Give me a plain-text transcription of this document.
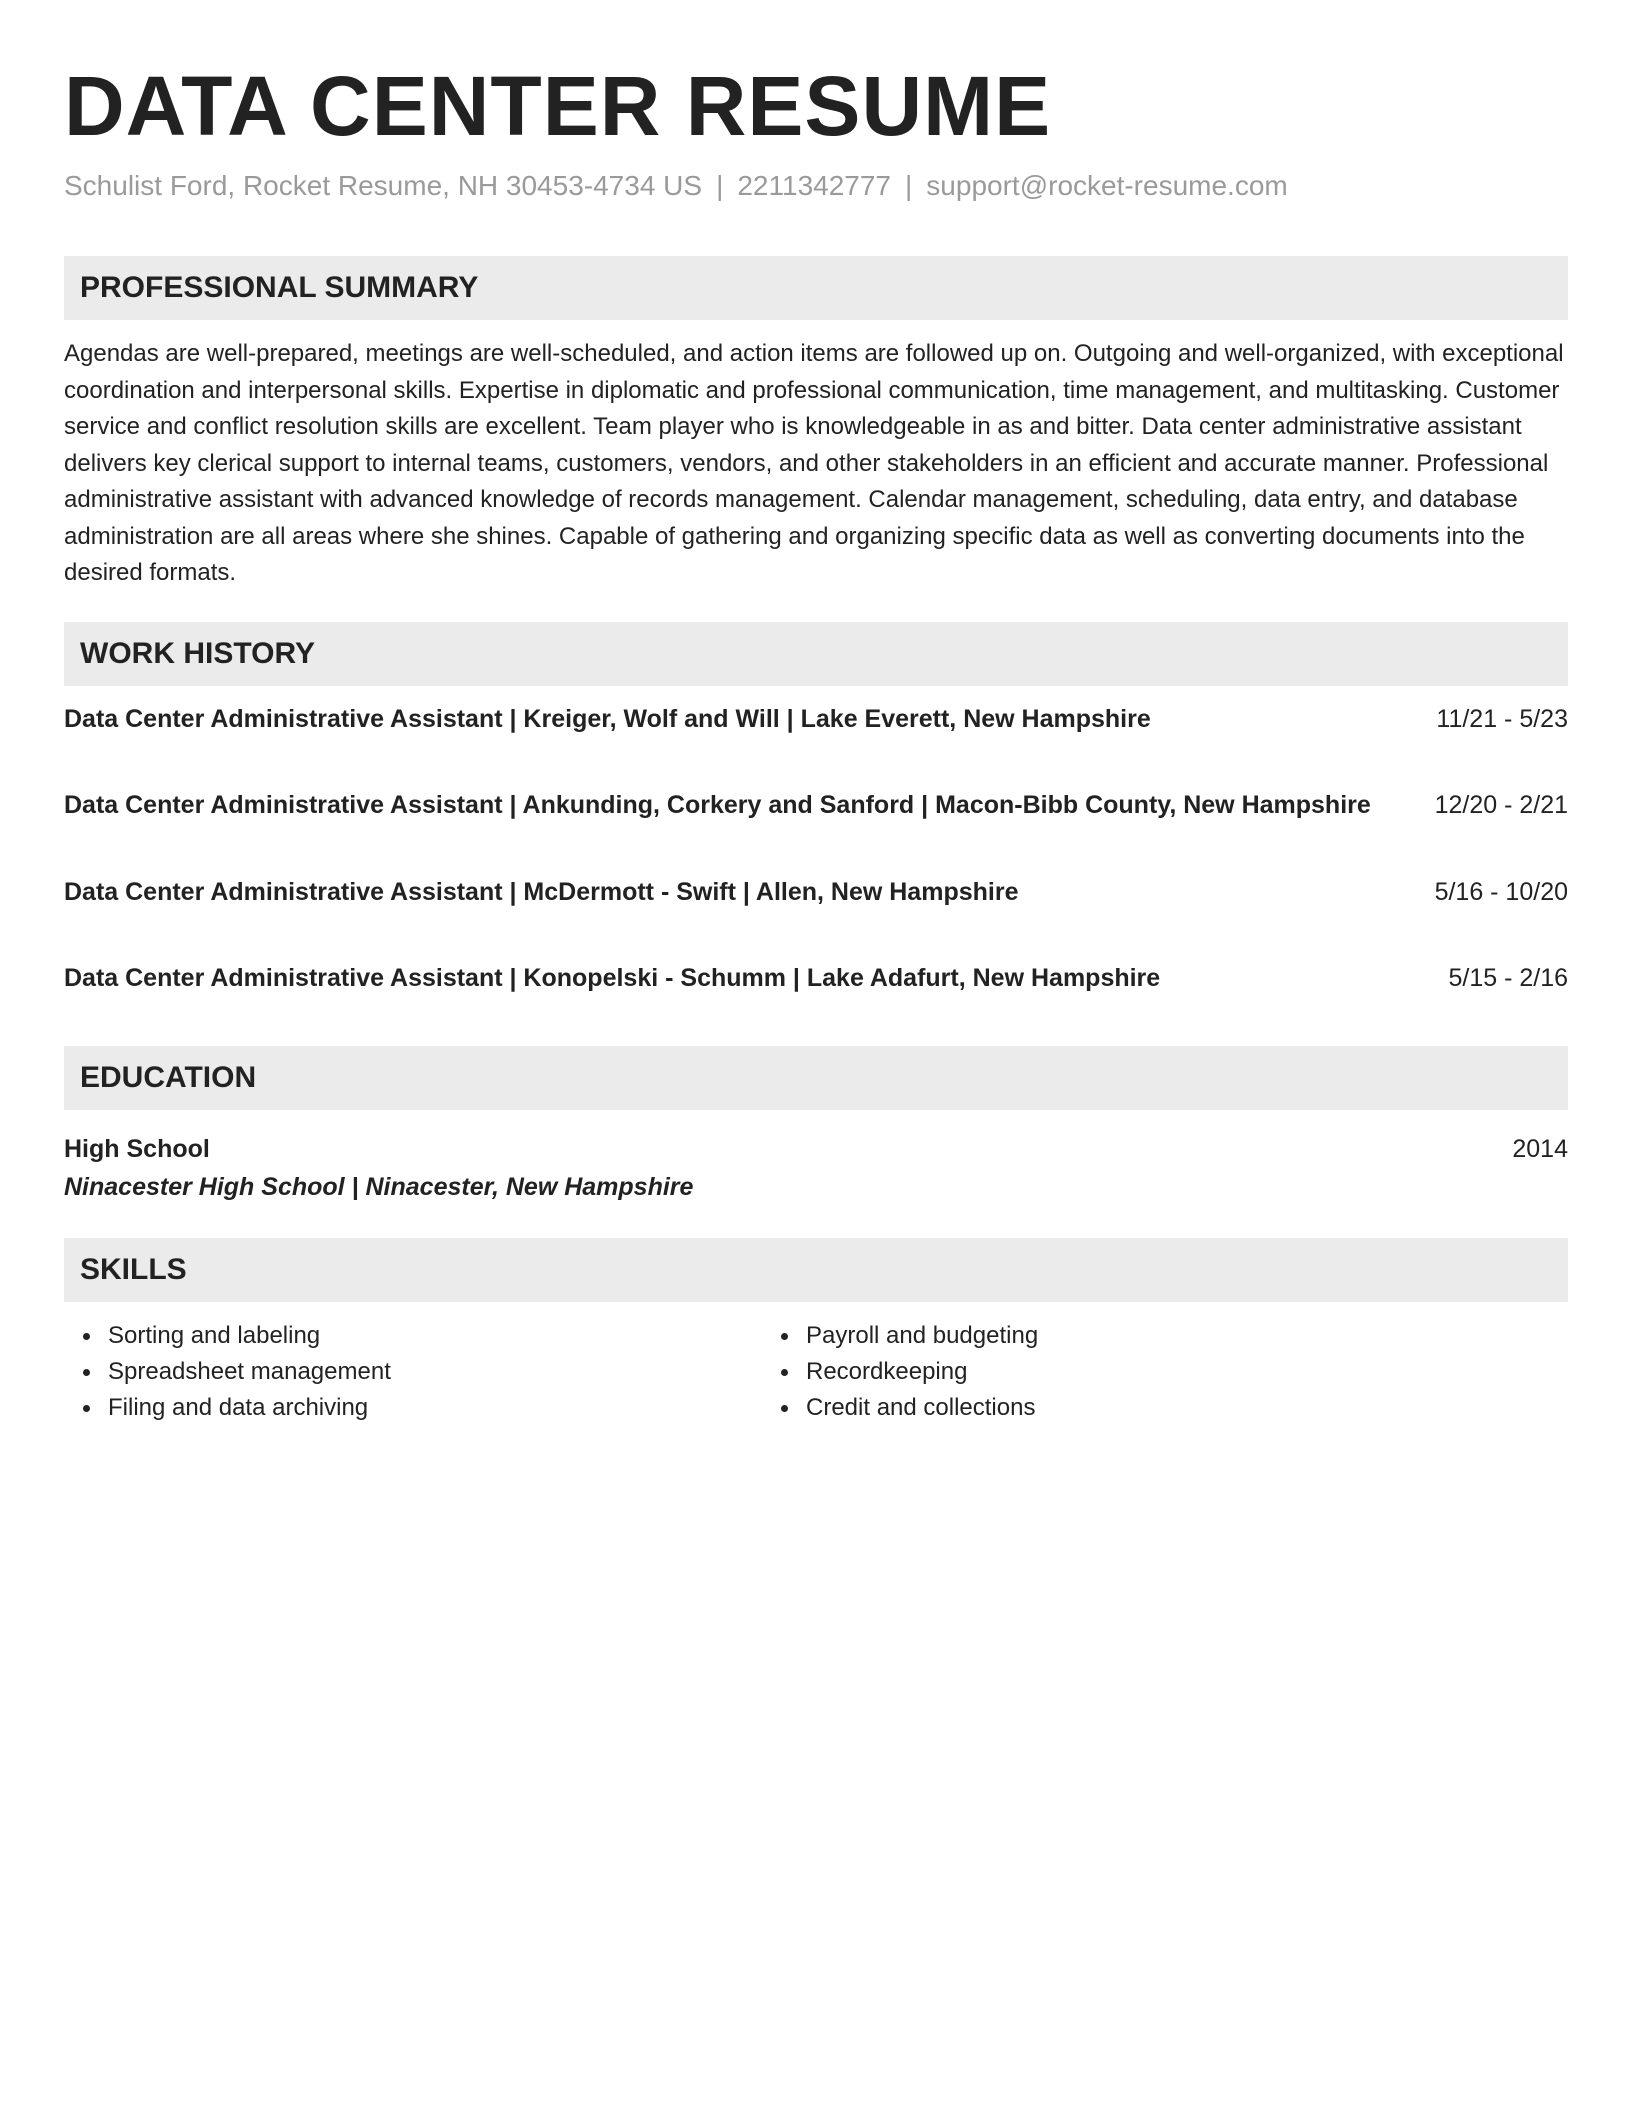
DATA CENTER RESUME
Schulist Ford, Rocket Resume, NH 30453-4734 US | 2211342777 | support@rocket-resume.com
PROFESSIONAL SUMMARY

Agendas are well-prepared, meetings are well-scheduled, and action items are followed up on. Outgoing and well-organized, with exceptional coordination and interpersonal skills. Expertise in diplomatic and professional communication, time management, and multitasking. Customer service and conflict resolution skills are excellent. Team player who is knowledgeable in as and bitter. Data center administrative assistant delivers key clerical support to internal teams, customers, vendors, and other stakeholders in an efficient and accurate manner. Professional administrative assistant with advanced knowledge of records management. Calendar management, scheduling, data entry, and database administration are all areas where she shines. Capable of gathering and organizing specific data as well as converting documents into the desired formats.

WORK HISTORY
Data Center Administrative Assistant | Kreiger, Wolf and Will | Lake Everett, New Hampshire	11/21 - 5/23
Data Center Administrative Assistant | Ankunding, Corkery and Sanford | Macon-Bibb County, New Hampshire	12/20 - 2/21
Data Center Administrative Assistant | McDermott - Swift | Allen, New Hampshire	5/16 - 10/20
Data Center Administrative Assistant | Konopelski - Schumm | Lake Adafurt, New Hampshire	5/15 - 2/16
EDUCATION
High School	2014
Ninacester High School | Ninacester, New Hampshire
SKILLS
Sorting and labeling
Spreadsheet management
Filing and data archiving
Payroll and budgeting
Recordkeeping
Credit and collections
